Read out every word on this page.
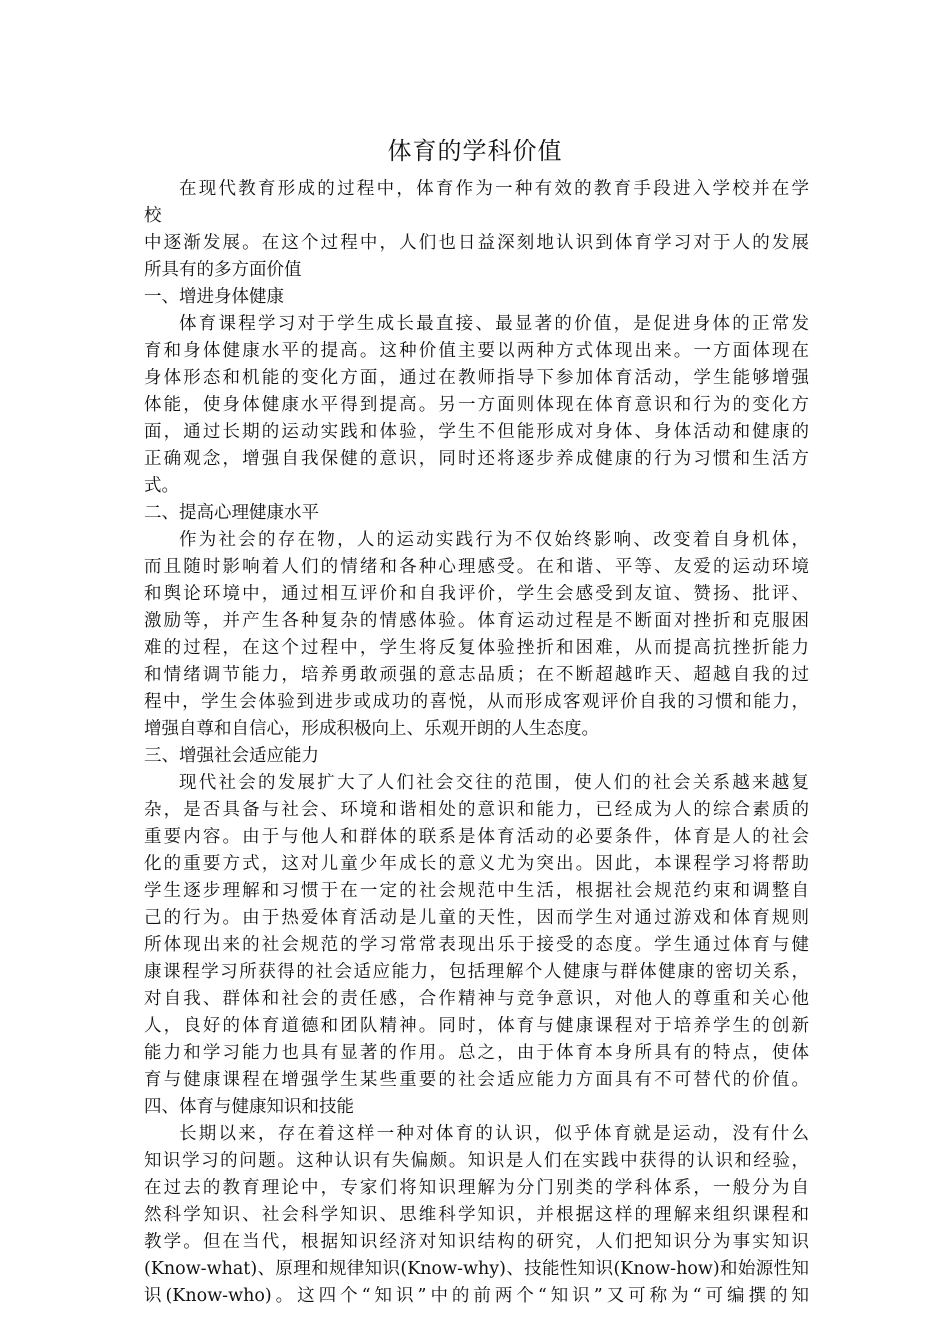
体育的学科价值
在现代教育形成的过程中，体育作为一种有效的教育手段进入学校并在学
校
中逐渐发展。在这个过程中，人们也日益深刻地认识到体育学习对于人的发展
所具有的多方面价值
一、增进身体健康
体育课程学习对于学生成长最直接、最显著的价值，是促进身体的正常发
育和身体健康水平的提高。这种价值主要以两种方式体现出来。一方面体现在
身体形态和机能的变化方面，通过在教师指导下参加体育活动，学生能够增强
体能，使身体健康水平得到提高。另一方面则体现在体育意识和行为的变化方
面，通过长期的运动实践和体验，学生不但能形成对身体、身体活动和健康的
正确观念，增强自我保健的意识，同时还将逐步养成健康的行为习惯和生活方
式。
二、提高心理健康水平
作为社会的存在物，人的运动实践行为不仅始终影响、改变着自身机体，
而且随时影响着人们的情绪和各种心理感受。在和谐、平等、友爱的运动环境
和舆论环境中，通过相互评价和自我评价，学生会感受到友谊、赞扬、批评、
激励等，并产生各种复杂的情感体验。体育运动过程是不断面对挫折和克服困
难的过程，在这个过程中，学生将反复体验挫折和困难，从而提高抗挫折能力
和情绪调节能力，培养勇敢顽强的意志品质；在不断超越昨天、超越自我的过
程中，学生会体验到进步或成功的喜悦，从而形成客观评价自我的习惯和能力，
增强自尊和自信心，形成积极向上、乐观开朗的人生态度。
三、增强社会适应能力
现代社会的发展扩大了人们社会交往的范围，使人们的社会关系越来越复
杂，是否具备与社会、环境和谐相处的意识和能力，已经成为人的综合素质的
重要内容。由于与他人和群体的联系是体育活动的必要条件，体育是人的社会
化的重要方式，这对儿童少年成长的意义尤为突出。因此，本课程学习将帮助
学生逐步理解和习惯于在一定的社会规范中生活，根据社会规范约束和调整自
己的行为。由于热爱体育活动是儿童的天性，因而学生对通过游戏和体育规则
所体现出来的社会规范的学习常常表现出乐于接受的态度。学生通过体育与健
康课程学习所获得的社会适应能力，包括理解个人健康与群体健康的密切关系，
对自我、群体和社会的责任感，合作精神与竞争意识，对他人的尊重和关心他
人，良好的体育道德和团队精神。同时，体育与健康课程对于培养学生的创新
能力和学习能力也具有显著的作用。总之，由于体育本身所具有的特点，使体
育与健康课程在增强学生某些重要的社会适应能力方面具有不可替代的价值。
四、体育与健康知识和技能
长期以来，存在着这样一种对体育的认识，似乎体育就是运动，没有什么
知识学习的问题。这种认识有失偏颇。知识是人们在实践中获得的认识和经验，
在过去的教育理论中，专家们将知识理解为分门别类的学科体系，一般分为自
然科学知识、社会科学知识、思维科学知识，并根据这样的理解来组织课程和
教学。但在当代，根据知识经济对知识结构的研究，人们把知识分为事实知识
(Know-what)、原理和规律知识(Know-why)、技能性知识(Know-how)和始源性知
识(Know-who)。这四个“知识”中的前两个“知识”又可称为“可编撰的知
